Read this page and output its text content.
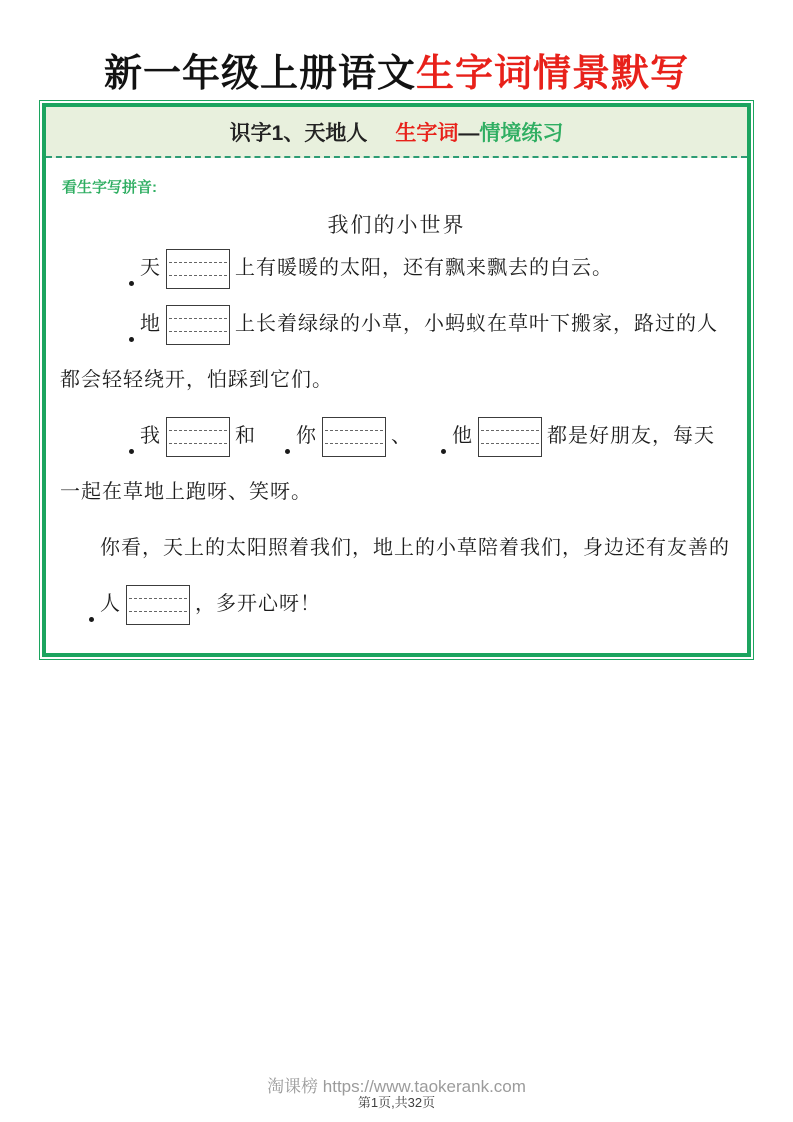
新一年级上册语文生字词情景默写
识字1、天地人 生字词—情境练习
看生字写拼音:
我们的小世界

天	上有暖暖的太阳，还有飘来飘去的白云。

地	上长着绿绿的小草，小蚂蚁在草叶下搬家，路过的人都会轻轻绕开，怕踩到它们。

我	和 你	、 他	都是好朋友，每天一起在草地上跑呀、笑呀。

你看，天上的太阳照着我们，地上的小草陪着我们，身边还有友善的人	，多开心呀！

淘课榜 https://www.taokerank.com
第1页,共32页
